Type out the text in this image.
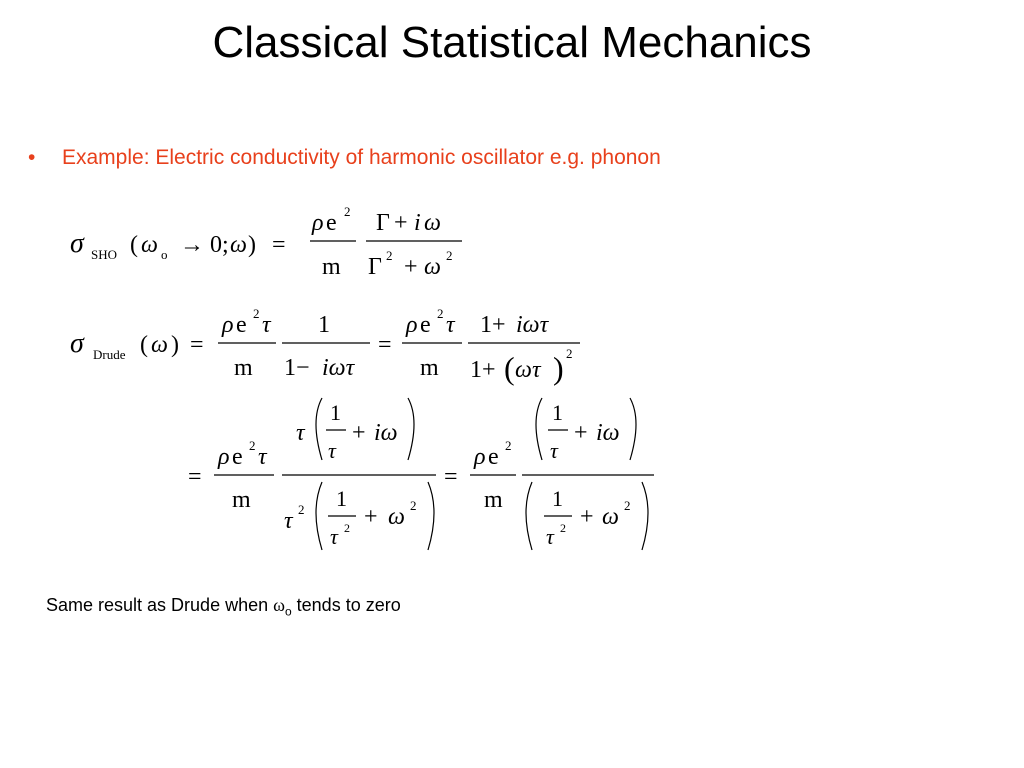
Classical Statistical Mechanics
• Example: Electric conductivity of harmonic oscillator e.g. phonon
σ SHO ( ω o → 0; ω ) =
ρ e 2
m
Γ + i ω
Γ 2 + ω 2
σ Drude ( ω ) =
ρ e 2 τ
m
1
1− iωτ
=
ρ e 2 τ
m
1+ iωτ
1+ ( ωτ ) 2
=
ρ e 2 τ
m
τ
1
τ
+ iω
τ 2 1
τ 2 + ω 2
=
ρ e 2
m
1
τ
+ iω
1
τ 2 + ω 2
Same result as Drude when $\omega_o$ tends to zero
